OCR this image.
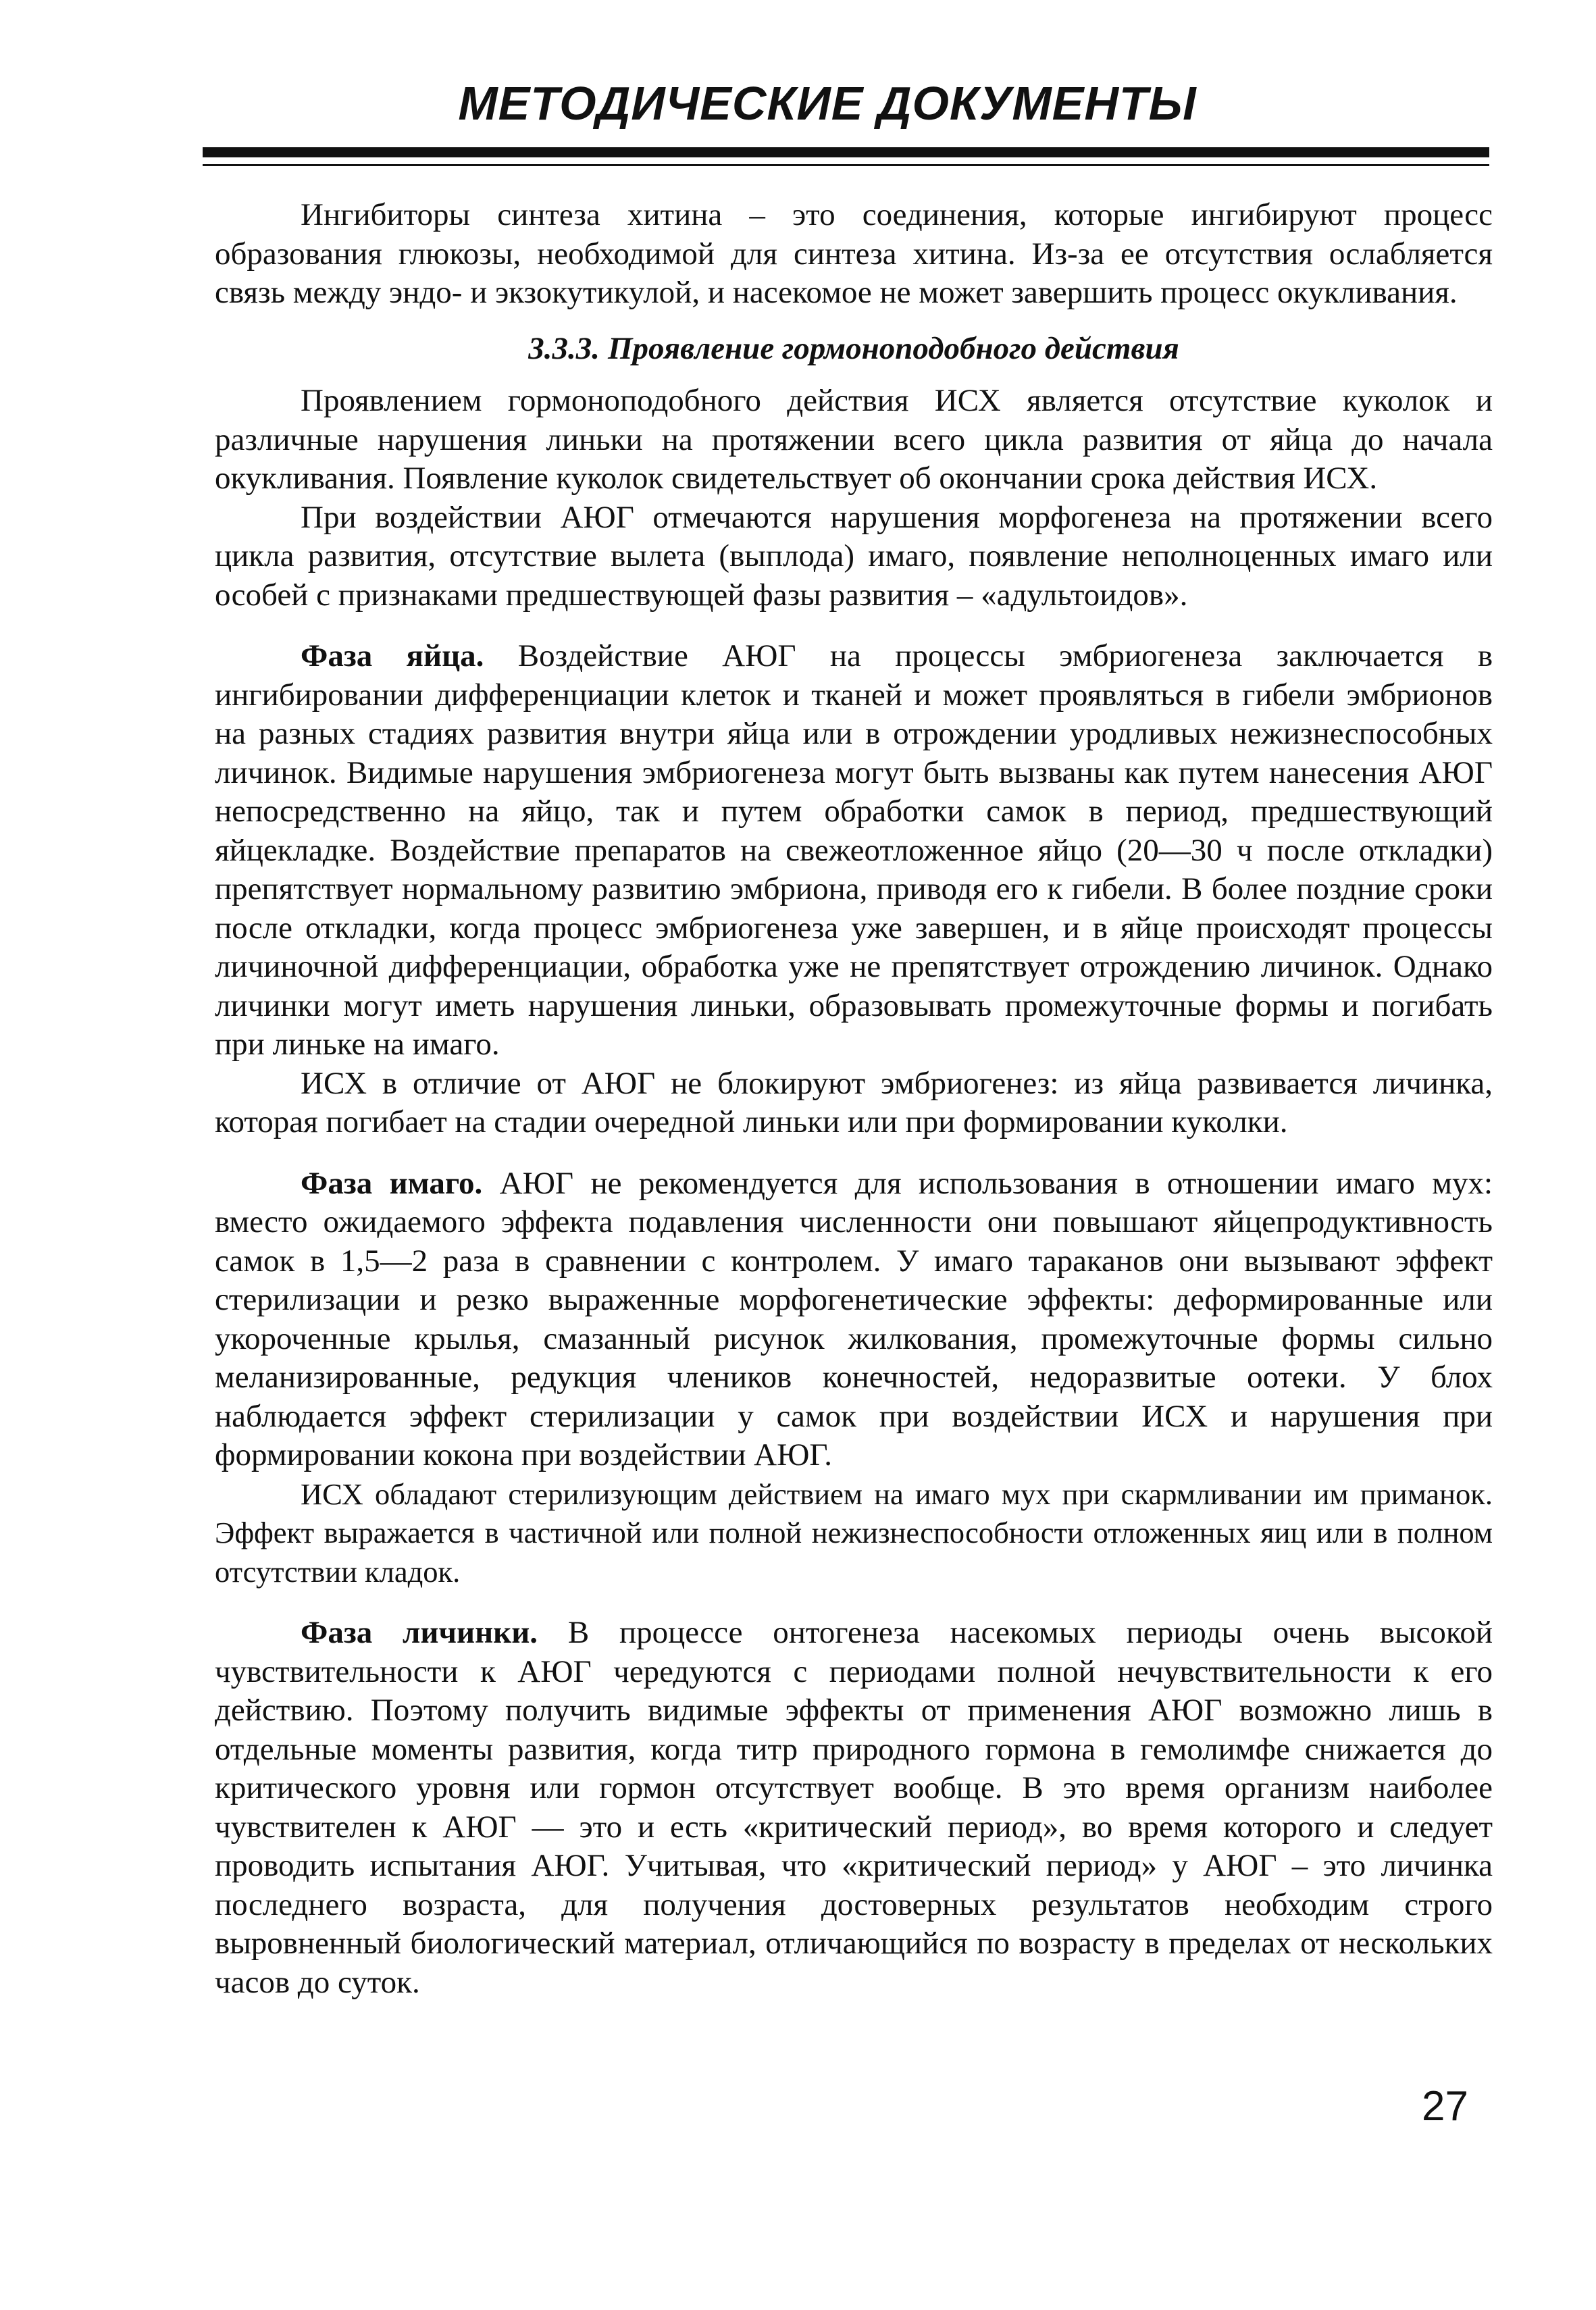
МЕТОДИЧЕСКИЕ ДОКУМЕНТЫ

Ингибиторы синтеза хитина – это соединения, которые ингибируют процесс образования глюкозы, необходимой для синтеза хитина. Из-за ее отсутствия ослабляется связь между эндо- и экзокутикулой, и насекомое не может завершить процесс окукливания.

3.3.3. Проявление гормоноподобного действия

Проявлением гормоноподобного действия ИСХ является отсутствие куколок и различные нарушения линьки на протяжении всего цикла развития от яйца до начала окукливания. Появление куколок свидетельствует об окончании срока действия ИСХ.

При воздействии АЮГ отмечаются нарушения морфогенеза на протяжении всего цикла развития, отсутствие вылета (выплода) имаго, появление неполноценных имаго или особей с признаками предшествующей фазы развития – «адультоидов».

Фаза яйца. Воздействие АЮГ на процессы эмбриогенеза заключается в ингибировании дифференциации клеток и тканей и может проявляться в гибели эмбрионов на разных стадиях развития внутри яйца или в отрождении уродливых нежизнеспособных личинок. Видимые нарушения эмбриогенеза могут быть вызваны как путем нанесения АЮГ непосредственно на яйцо, так и путем обработки самок в период, предшествующий яйцекладке. Воздействие препаратов на свежеотложенное яйцо (20—30 ч после откладки) препятствует нормальному развитию эмбриона, приводя его к гибели. В более поздние сроки после откладки, когда процесс эмбриогенеза уже завершен, и в яйце происходят процессы личиночной дифференциации, обработка уже не препятствует отрождению личинок. Однако личинки могут иметь нарушения линьки, образовывать промежуточные формы и погибать при линьке на имаго.

ИСХ в отличие от АЮГ не блокируют эмбриогенез: из яйца развивается личинка, которая погибает на стадии очередной линьки или при формировании куколки.

Фаза имаго. АЮГ не рекомендуется для использования в отношении имаго мух: вместо ожидаемого эффекта подавления численности они повышают яйцепродуктивность самок в 1,5—2 раза в сравнении с контролем. У имаго тараканов они вызывают эффект стерилизации и резко выраженные морфогенетические эффекты: деформированные или укороченные крылья, смазанный рисунок жилкования, промежуточные формы сильно меланизированные, редукция члеников конечностей, недоразвитые оотеки. У блох наблюдается эффект стерилизации у самок при воздействии ИСХ и нарушения при формировании кокона при воздействии АЮГ.

ИСХ обладают стерилизующим действием на имаго мух при скармливании им приманок. Эффект выражается в частичной или полной нежизнеспособности отложенных яиц или в полном отсутствии кладок.

Фаза личинки. В процессе онтогенеза насекомых периоды очень высокой чувствительности к АЮГ чередуются с периодами полной нечувствительности к его действию. Поэтому получить видимые эффекты от применения АЮГ возможно лишь в отдельные моменты развития, когда титр природного гормона в гемолимфе снижается до критического уровня или гормон отсутствует вообще. В это время организм наиболее чувствителен к АЮГ — это и есть «критический период», во время которого и следует проводить испытания АЮГ. Учитывая, что «критический период» у АЮГ – это личинка последнего возраста, для получения достоверных результатов необходим строго выровненный биологический материал, отличающийся по возрасту в пределах от нескольких часов до суток.

27
